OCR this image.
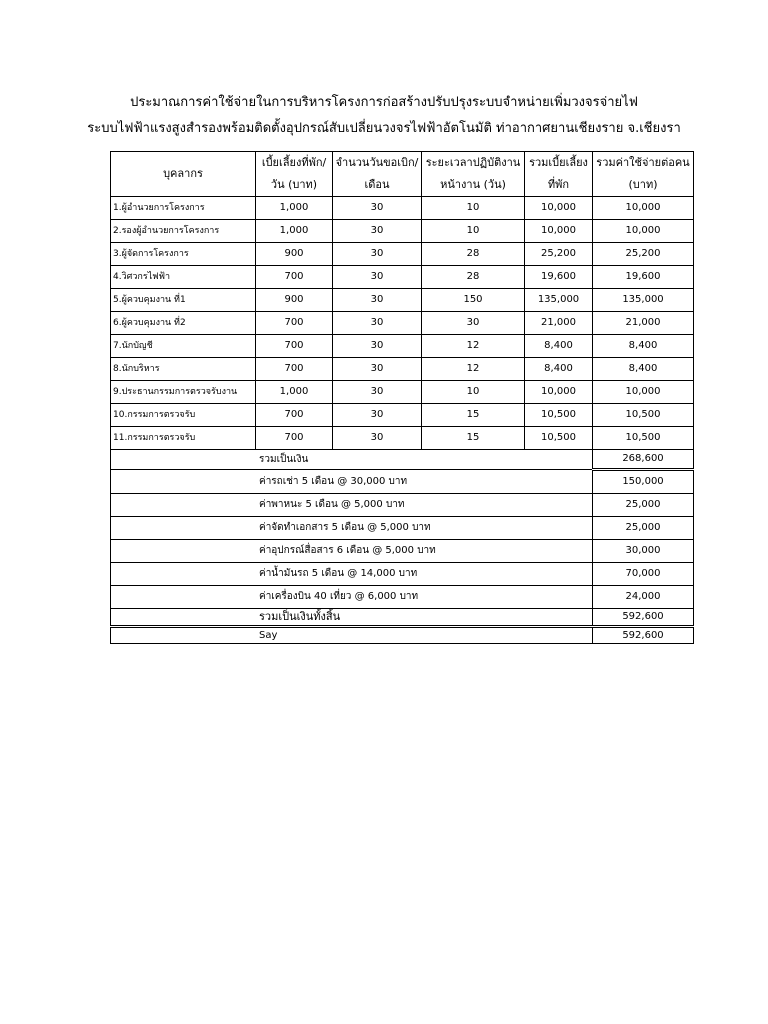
ประมาณการค่าใช้จ่ายในการบริหารโครงการก่อสร้างปรับปรุงระบบจำหน่ายเพิ่มวงจรจ่ายไฟ
ระบบไฟฟ้าแรงสูงสำรองพร้อมติดตั้งอุปกรณ์สับเปลี่ยนวงจรไฟฟ้าอัตโนมัติ ท่าอากาศยานเชียงราย จ.เชียงรา
บุคลากร	เบี้ยเลี้ยงที่พัก/	จำนวนวันขอเบิก/	ระยะเวลาปฏิบัติงาน	รวมเบี้ยเลี้ยง	รวมค่าใช้จ่ายต่อคน
	วัน (บาท)	เดือน	หน้างาน (วัน)	ที่พัก	(บาท)
1.ผู้อำนวยการโครงการ	1,000	30	10	10,000	10,000
2.รองผู้อำนวยการโครงการ	1,000	30	10	10,000	10,000
3.ผู้จัดการโครงการ	900	30	28	25,200	25,200
4.วิศวกรไฟฟ้า	700	30	28	19,600	19,600
5.ผู้ควบคุมงาน ที่1	900	30	150	135,000	135,000
6.ผู้ควบคุมงาน ที่2	700	30	30	21,000	21,000
7.นักบัญชี	700	30	12	8,400	8,400
8.นักบริหาร	700	30	12	8,400	8,400
9.ประธานกรรมการตรวจรับงาน	1,000	30	10	10,000	10,000
10.กรรมการตรวจรับ	700	30	15	10,500	10,500
11.กรรมการตรวจรับ	700	30	15	10,500	10,500
รวมเป็นเงิน					268,600
ค่ารถเช่า 5 เดือน @ 30,000 บาท					150,000
ค่าพาหนะ 5 เดือน @ 5,000 บาท					25,000
ค่าจัดทำเอกสาร 5 เดือน @ 5,000 บาท					25,000
ค่าอุปกรณ์สื่อสาร 6 เดือน @ 5,000 บาท					30,000
ค่าน้ำมันรถ 5 เดือน @ 14,000 บาท					70,000
ค่าเครื่องบิน 40 เที่ยว @ 6,000 บาท					24,000
รวมเป็นเงินทั้งสิ้น					592,600
Say					592,600
